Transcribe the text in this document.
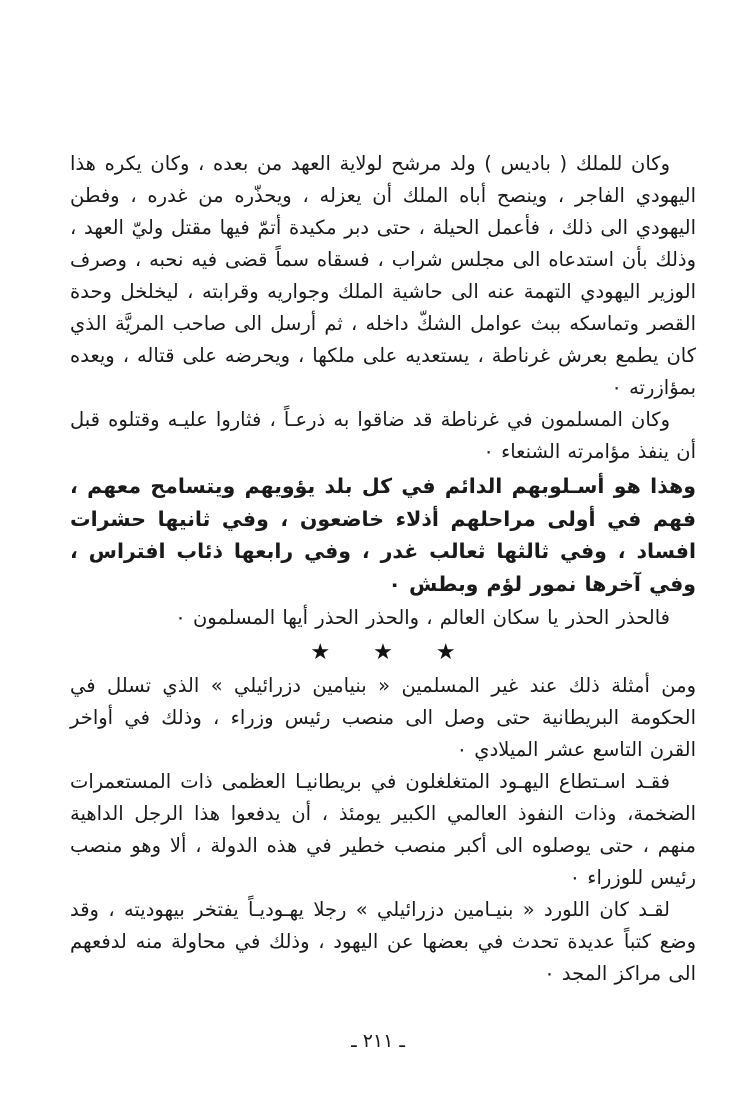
وكان للملك ( باديس ) ولد مرشح لولاية العهد من بعده ، وكان يكره هذا اليهودي الفاجر ، وينصح أباه الملك أن يعزله ، ويحذّره من غدره ، وفطن اليهودي الى ذلك ، فأعمل الحيلة ، حتى دبر مكيدة أتمّ فيها مقتل وليّ العهد ، وذلك بأن استدعاه الى مجلس شراب ، فسقاه سماً قضى فيه نحبه ، وصرف الوزير اليهودي التهمة عنه الى حاشية الملك وجواريه وقرابته ، ليخلخل وحدة القصر وتماسكه ببث عوامل الشكّ داخله ، ثم أرسل الى صاحب المريَّة الذي كان يطمع بعرش غرناطة ، يستعديه على ملكها ، ويحرضه على قتاله ، ويعده بمؤازرته ٠

وكان المسلمون في غرناطة قد ضاقوا به ذرعـاً ، فثاروا عليـه وقتلوه قبل أن ينفذ مؤامرته الشنعاء ٠

وهذا هو أسـلوبهم الدائم في كل بلد يؤويهم ويتسامح معهم ، فهم في أولى مراحلهم أذلاء خاضعون ، وفي ثانيها حشرات افساد ، وفي ثالثها ثعالب غدر ، وفي رابعها ذئاب افتراس ، وفي آخرها نمور لؤم وبطش ٠

فالحذر الحذر يا سكان العالم ، والحذر الحذر أيها المسلمون ٠

★ ★ ★

ومن أمثلة ذلك عند غير المسلمين « بنيامين دزرائيلي » الذي تسلل في الحكومة البريطانية حتى وصل الى منصب رئيس وزراء ، وذلك في أواخر القرن التاسع عشر الميلادي ٠

فقـد اسـتطاع اليهـود المتغلغلون في بريطانيـا العظمى ذات المستعمرات الضخمة، وذات النفوذ العالمي الكبير يومئذ ، أن يدفعوا هذا الرجل الداهية منهم ، حتى يوصلوه الى أكبر منصب خطير في هذه الدولة ، ألا وهو منصب رئيس للوزراء ٠

لقـد كان اللورد « بنيـامين دزرائيلي » رجلا يهـوديـاً يفتخر بيهوديته ، وقد وضع كتباً عديدة تحدث في بعضها عن اليهود ، وذلك في محاولة منه لدفعهم الى مراكز المجد ٠

ـ ٢١١ ـ
